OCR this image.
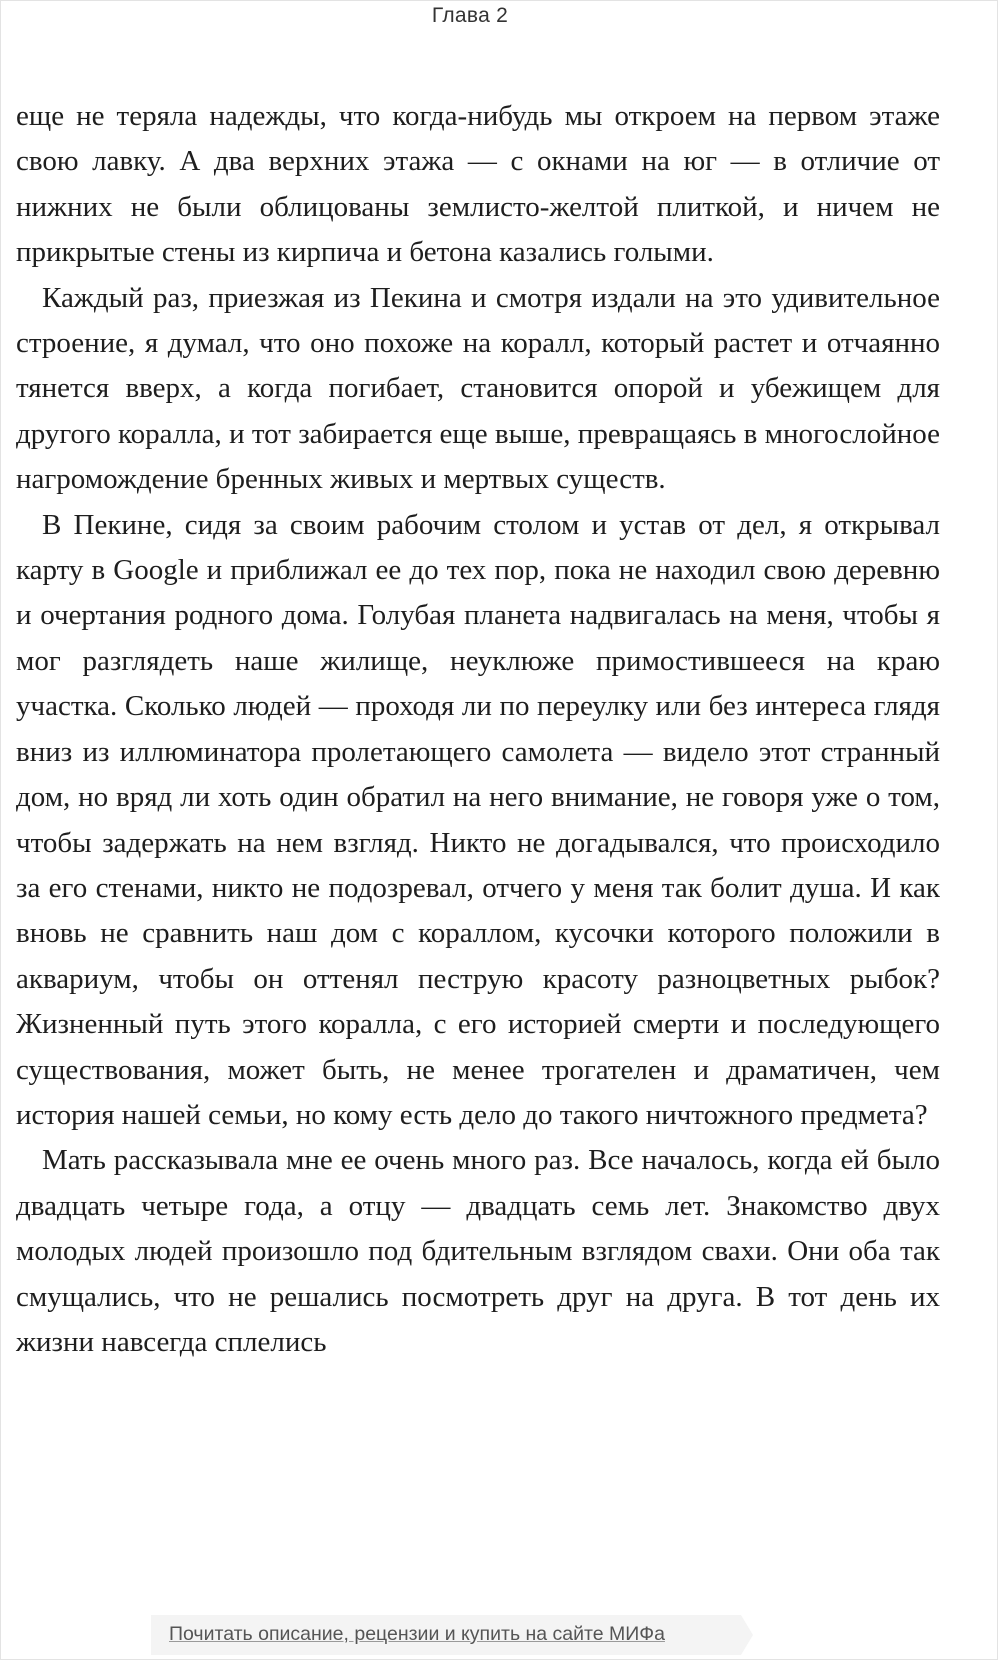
Глава 2

еще не теряла надежды, что когда-нибудь мы откроем на первом этаже свою лавку. А два верхних этажа — с окнами на юг — в отличие от нижних не были облицованы землисто-желтой плиткой, и ничем не прикрытые стены из кирпича и бетона казались голыми.

Каждый раз, приезжая из Пекина и смотря издали на это удивительное строение, я думал, что оно похоже на коралл, который растет и отчаянно тянется вверх, а когда погибает, становится опорой и убежищем для другого коралла, и тот забирается еще выше, превращаясь в многослойное нагромождение бренных живых и мертвых существ.

В Пекине, сидя за своим рабочим столом и устав от дел, я открывал карту в Google и приближал ее до тех пор, пока не находил свою деревню и очертания родного дома. Голубая планета надвигалась на меня, чтобы я мог разглядеть наше жилище, неуклюже примостившееся на краю участка. Сколько людей — проходя ли по переулку или без интереса глядя вниз из иллюминатора пролетающего самолета — видело этот странный дом, но вряд ли хоть один обратил на него внимание, не говоря уже о том, чтобы задержать на нем взгляд. Никто не догадывался, что происходило за его стенами, никто не подозревал, отчего у меня так болит душа. И как вновь не сравнить наш дом с кораллом, кусочки которого положили в аквариум, чтобы он оттенял пеструю красоту разноцветных рыбок? Жизненный путь этого коралла, с его историей смерти и последующего существования, может быть, не менее трогателен и драматичен, чем история нашей семьи, но кому есть дело до такого ничтожного предмета?

Мать рассказывала мне ее очень много раз. Все началось, когда ей было двадцать четыре года, а отцу — двадцать семь лет. Знакомство двух молодых людей произошло под бдительным взглядом свахи. Они оба так смущались, что не решались посмотреть друг на друга. В тот день их жизни навсегда сплелись

Почитать описание, рецензии и купить на сайте МИФа
